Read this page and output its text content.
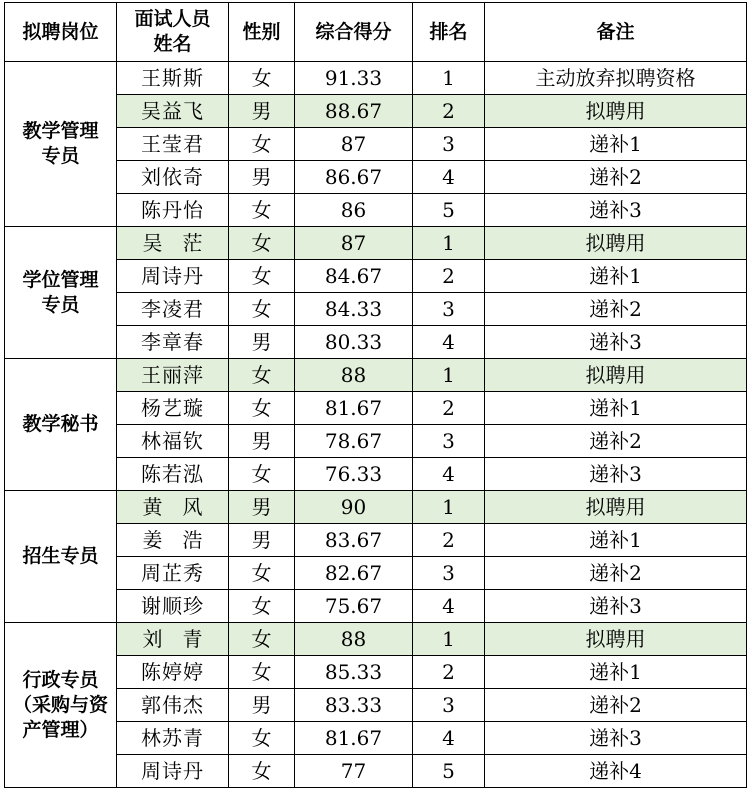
拟聘岗位	面试人员
姓名	性别	综合得分	排名	备注
教学管理
专员	王斯斯	女	91.33	1	主动放弃拟聘资格
	吴益飞	男	88.67	2	拟聘用
	王莹君	女	87	3	递补1
	刘依奇	男	86.67	4	递补2
	陈丹怡	女	86	5	递补3
学位管理
专员	吴　茫	女	87	1	拟聘用
	周诗丹	女	84.67	2	递补1
	李凌君	女	84.33	3	递补2
	李章春	男	80.33	4	递补3
教学秘书	王丽萍	女	88	1	拟聘用
	杨艺璇	女	81.67	2	递补1
	林福钦	男	78.67	3	递补2
	陈若泓	女	76.33	4	递补3
招生专员	黄　风	男	90	1	拟聘用
	姜　浩	男	83.67	2	递补1
	周芷秀	女	82.67	3	递补2
	谢顺珍	女	75.67	4	递补3
行政专员
（采购与资
产管理）	刘　青	女	88	1	拟聘用
	陈婷婷	女	85.33	2	递补1
	郭伟杰	男	83.33	3	递补2
	林苏青	女	81.67	4	递补3
	周诗丹	女	77	5	递补4
